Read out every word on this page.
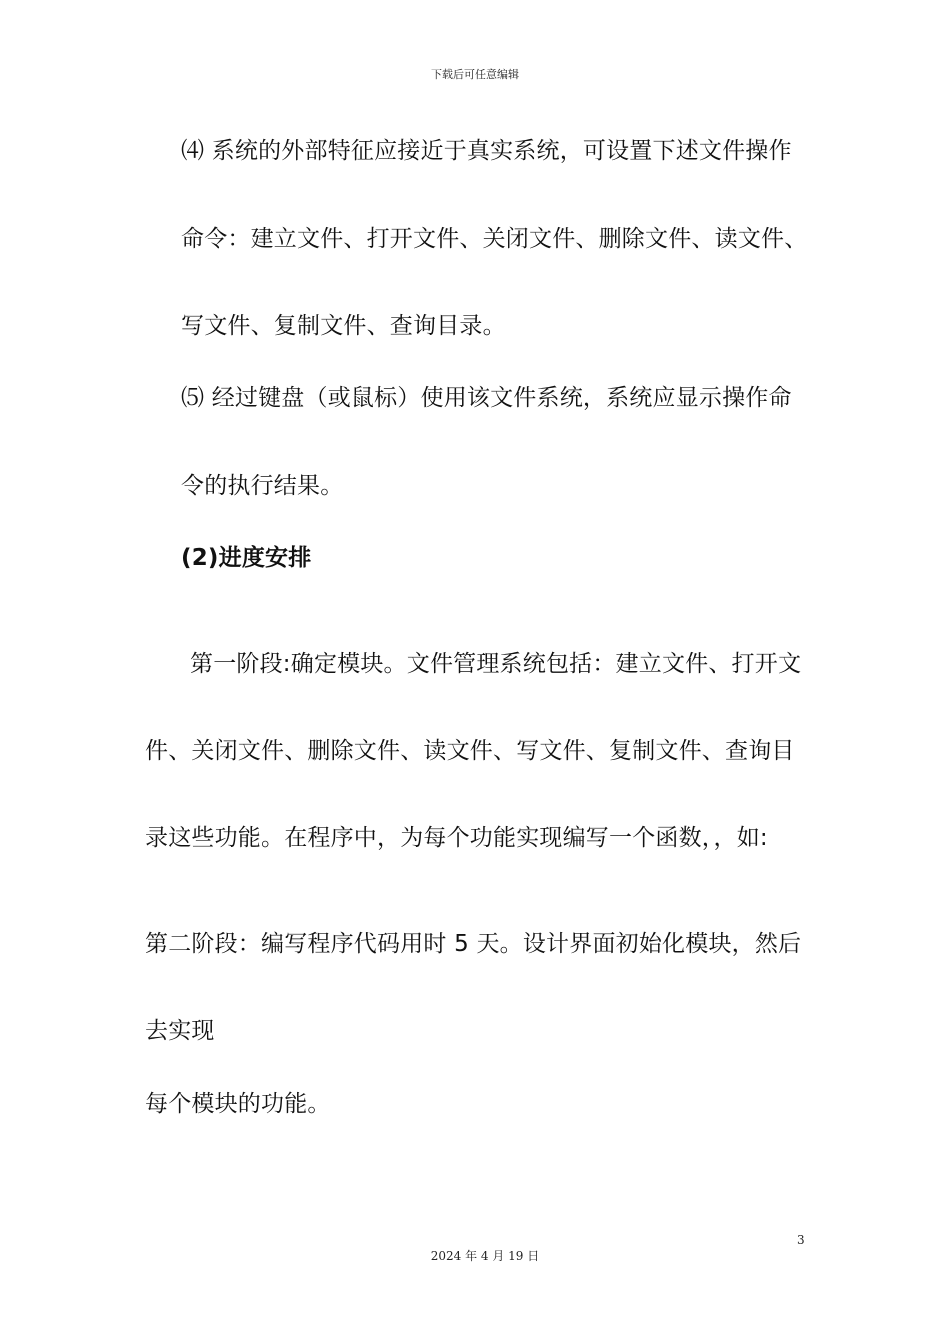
下载后可任意编辑
⑷ 系统的外部特征应接近于真实系统，可设置下述文件操作
命令：建立文件、打开文件、关闭文件、删除文件、读文件、
写文件、复制文件、查询目录。
⑸ 经过键盘（或鼠标）使用该文件系统，系统应显示操作命
令的执行结果。
(2)进度安排
第一阶段:确定模块。文件管理系统包括：建立文件、打开文
件、关闭文件、删除文件、读文件、写文件、复制文件、查询目
录这些功能。在程序中，为每个功能实现编写一个函数，，如:
第二阶段：编写程序代码用时 5 天。设计界面初始化模块，然后
去实现
每个模块的功能。
3
2024 年 4 月 19 日
